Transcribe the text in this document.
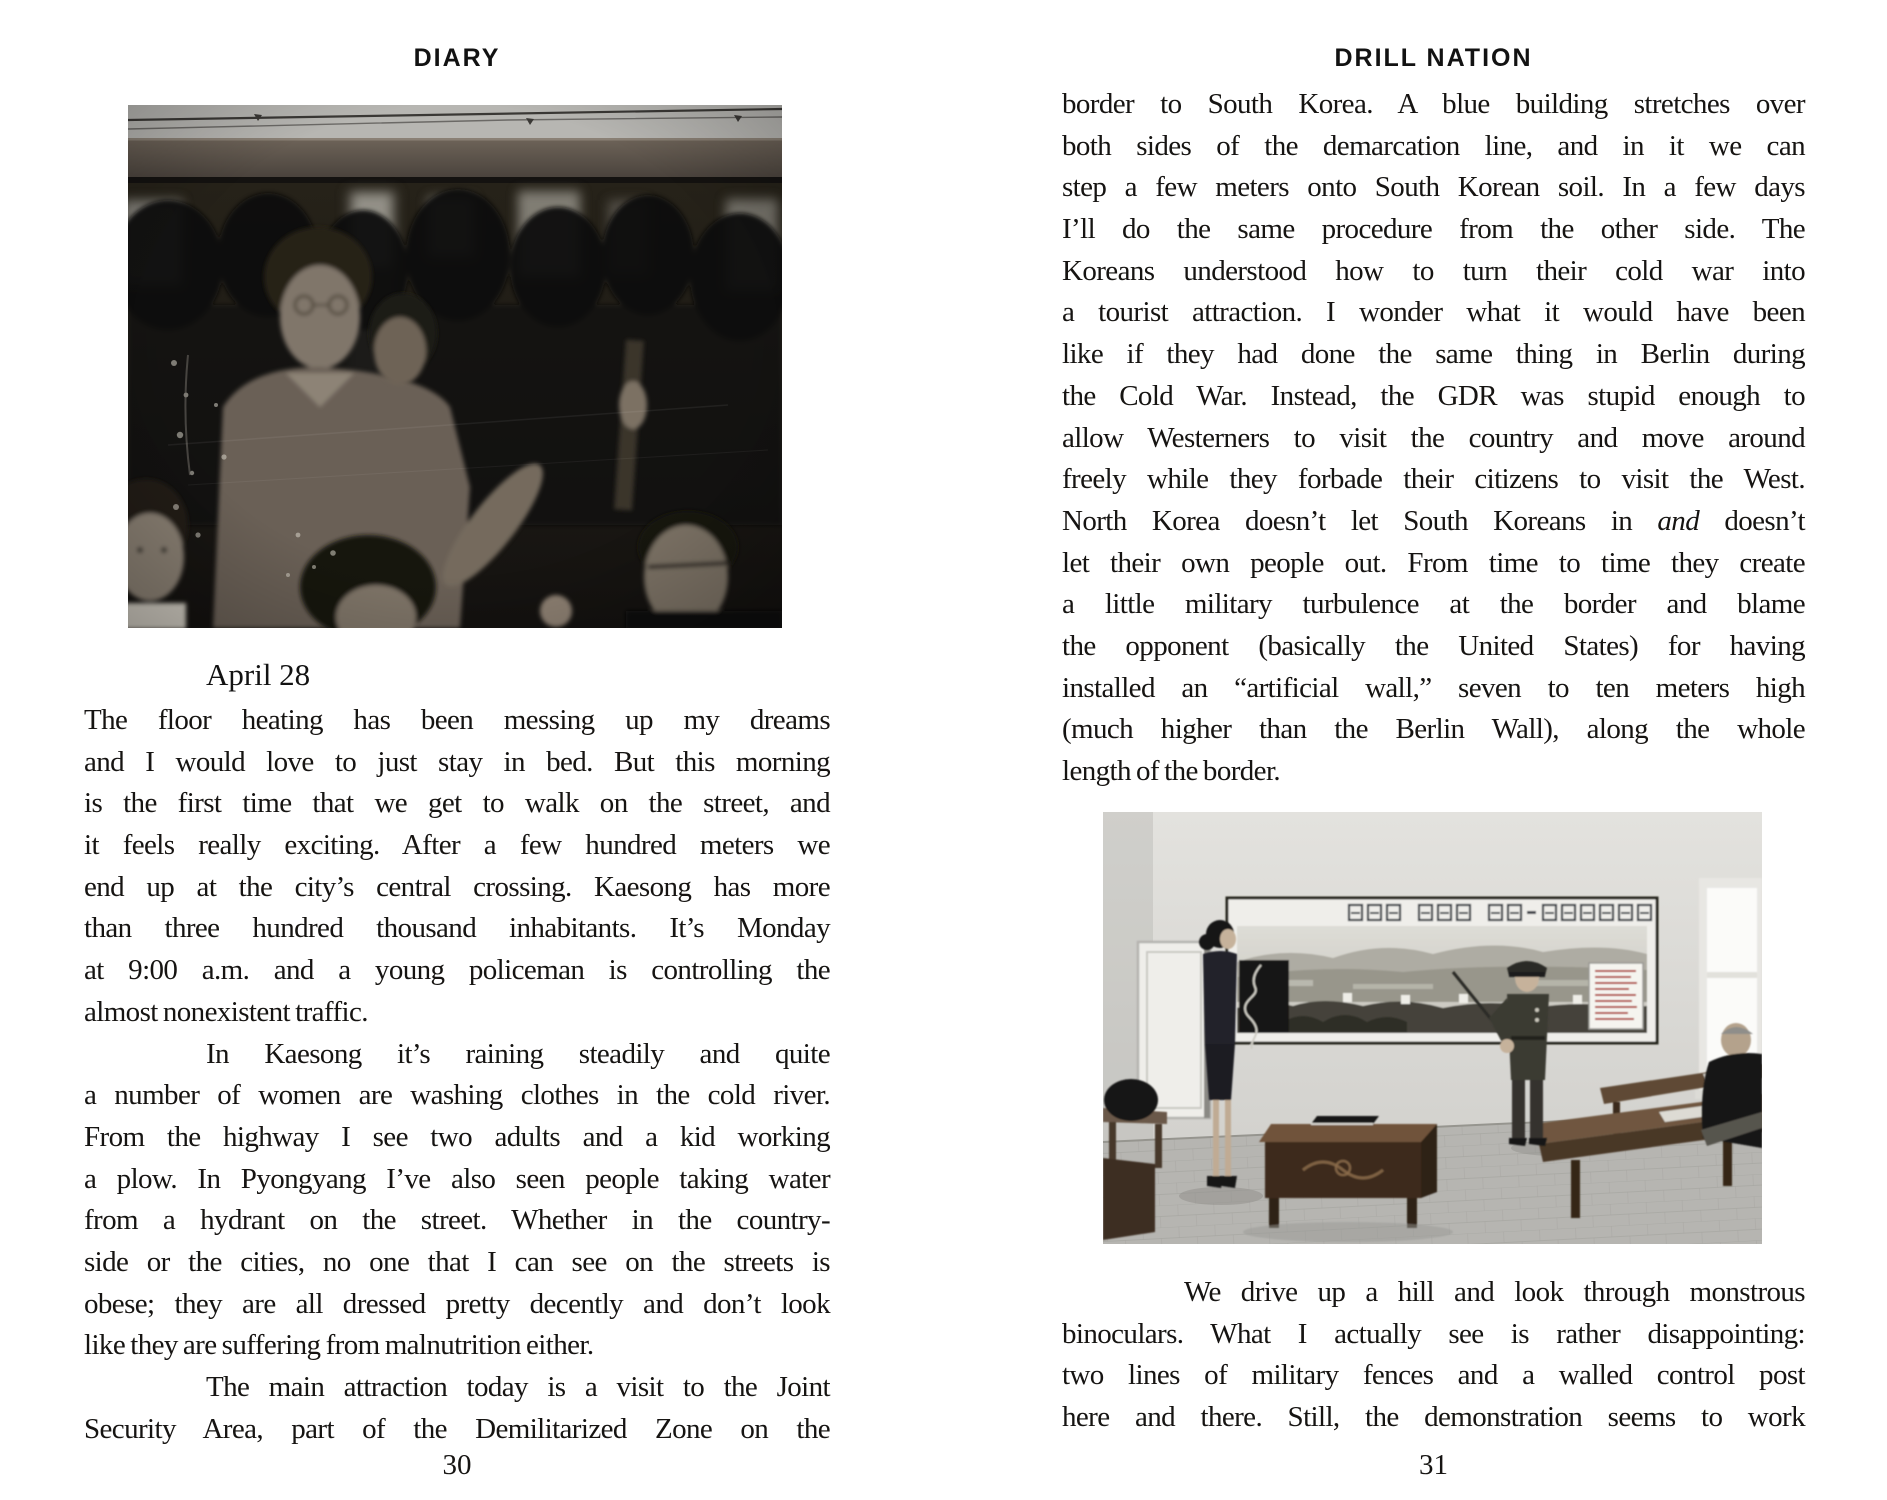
DIARY
April 28
The floor heating has been messing up my dreams
and I would love to just stay in bed. But this morning
is the first time that we get to walk on the street, and
it feels really exciting. After a few hundred meters we
end up at the city’s central crossing. Kaesong has more
than three hundred thousand inhabitants. It’s Monday
at 9:00 a.m. and a young policeman is controlling the
almost nonexistent traffic.
In Kaesong it’s raining steadily and quite
a number of women are washing clothes in the cold river.
From the highway I see two adults and a kid working
a plow. In Pyongyang I’ve also seen people taking water
from a hydrant on the street. Whether in the country-
side or the cities, no one that I can see on the streets is
obese; they are all dressed pretty decently and don’t look
like they are suffering from malnutrition either.
The main attraction today is a visit to the Joint
Security Area, part of the Demilitarized Zone on the
30
DRILL NATION
border to South Korea. A blue building stretches over
both sides of the demarcation line, and in it we can
step a few meters onto South Korean soil. In a few days
I’ll do the same procedure from the other side. The
Koreans understood how to turn their cold war into
a tourist attraction. I wonder what it would have been
like if they had done the same thing in Berlin during
the Cold War. Instead, the GDR was stupid enough to
allow Westerners to visit the country and move around
freely while they forbade their citizens to visit the West.
North Korea doesn’t let South Koreans in and doesn’t
let their own people out. From time to time they create
a little military turbulence at the border and blame
the opponent (basically the United States) for having
installed an “artificial wall,” seven to ten meters high
(much higher than the Berlin Wall), along the whole
length of the border.
We drive up a hill and look through monstrous
binoculars. What I actually see is rather disappointing:
two lines of military fences and a walled control post
here and there. Still, the demonstration seems to work
31
